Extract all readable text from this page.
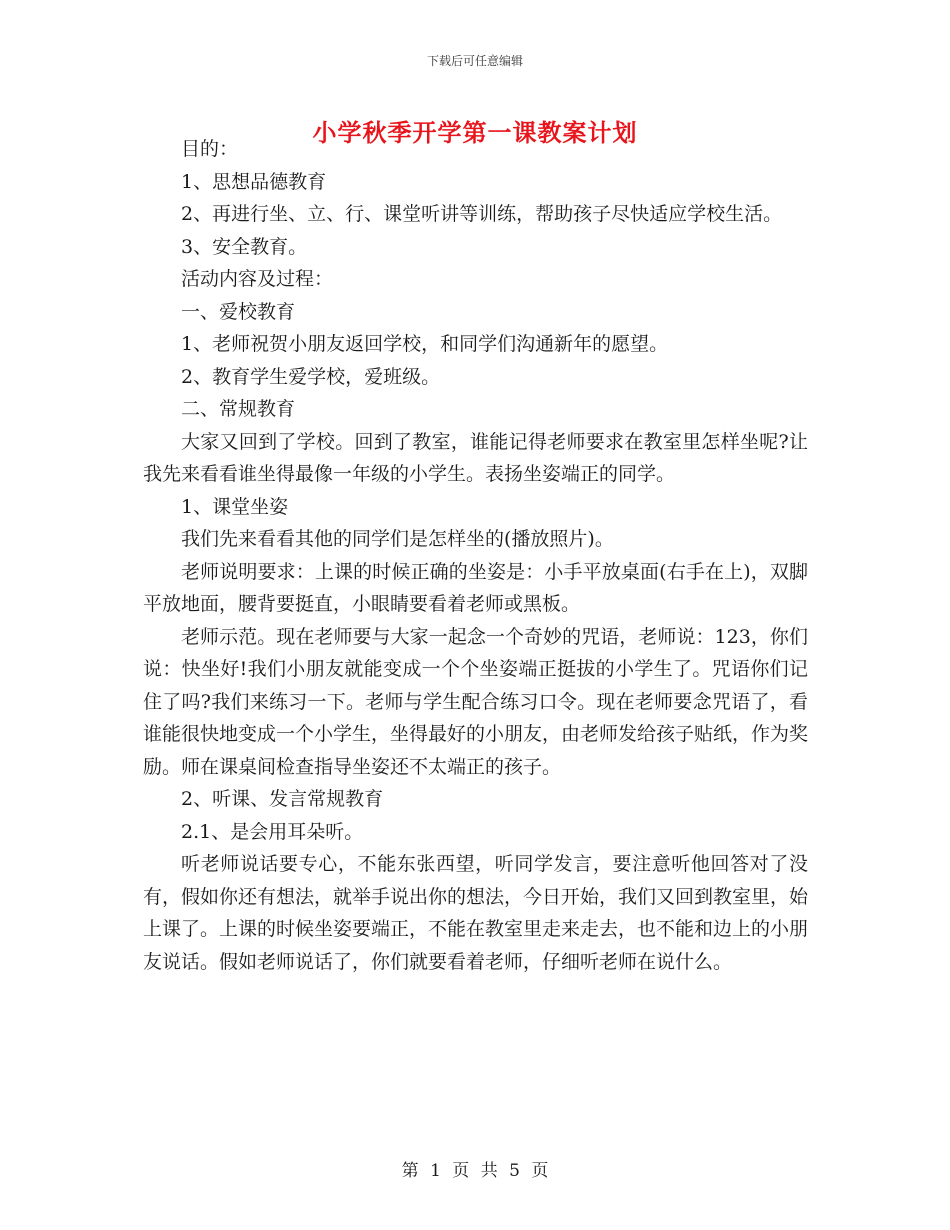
下载后可任意编辑
小学秋季开学第一课教案计划

目的：

1、思想品德教育

2、再进行坐、立、行、课堂听讲等训练，帮助孩子尽快适应学校生活。

3、安全教育。

活动内容及过程：

一、爱校教育

1、老师祝贺小朋友返回学校，和同学们沟通新年的愿望。

2、教育学生爱学校，爱班级。

二、常规教育

大家又回到了学校。回到了教室，谁能记得老师要求在教室里怎样坐呢?让我先来看看谁坐得最像一年级的小学生。表扬坐姿端正的同学。

1、课堂坐姿

我们先来看看其他的同学们是怎样坐的(播放照片)。

老师说明要求：上课的时候正确的坐姿是：小手平放桌面(右手在上)，双脚平放地面，腰背要挺直，小眼睛要看着老师或黑板。

老师示范。现在老师要与大家一起念一个奇妙的咒语，老师说：123，你们说：快坐好!我们小朋友就能变成一个个坐姿端正挺拔的小学生了。咒语你们记住了吗?我们来练习一下。老师与学生配合练习口令。现在老师要念咒语了，看谁能很快地变成一个小学生，坐得最好的小朋友，由老师发给孩子贴纸，作为奖励。师在课桌间检查指导坐姿还不太端正的孩子。

2、听课、发言常规教育

2.1、是会用耳朵听。

听老师说话要专心，不能东张西望，听同学发言，要注意听他回答对了没有，假如你还有想法，就举手说出你的想法，今日开始，我们又回到教室里，始上课了。上课的时候坐姿要端正，不能在教室里走来走去，也不能和边上的小朋友说话。假如老师说话了，你们就要看着老师，仔细听老师在说什么。

第 1 页 共 5 页
